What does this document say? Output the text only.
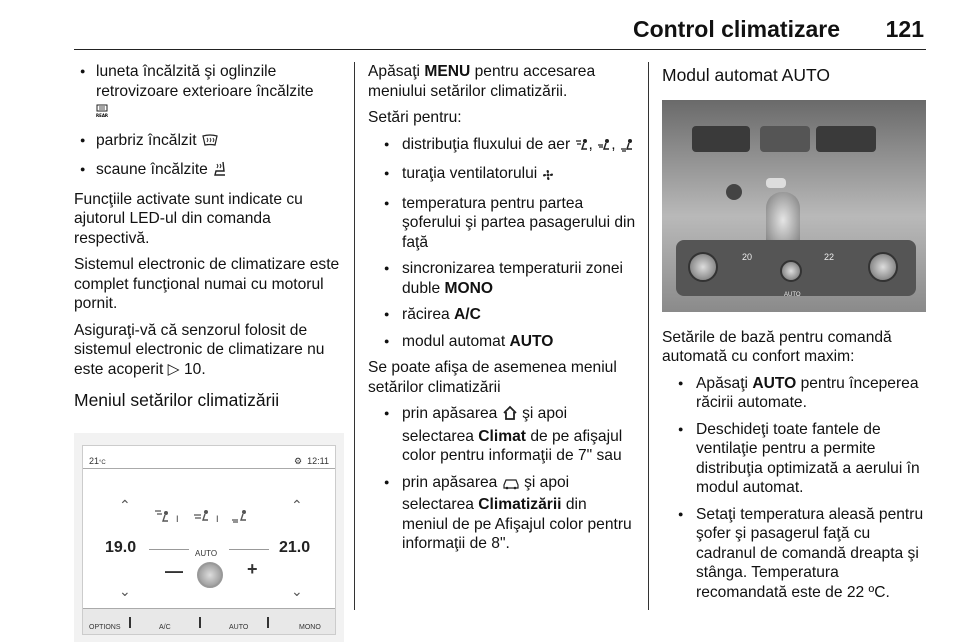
Control climatizare 121
● luneta încălzită şi oglinzile retrovizoare exterioare încălzite

REAR
● parbriz încălzit
● scaune încălzite

Funcţiile activate sunt indicate cu ajutorul LED-ul din comanda respectivă.

Sistemul electronic de climatizare este complet funcţional numai cu motorul pornit.

Asiguraţi-vă că senzorul folosit de sistemul electronic de climatizare nu este acoperit ▷ 10.

Meniul setărilor climatizării
21°C	⚙ 12:11
⌃
19.0
⌄
⌃
21.0
⌄
I	I
AUTO
—	+
OPTIONS	A/C	AUTO	MONO

Apăsaţi MENU pentru accesarea meniului setărilor climatizării.

Setări pentru:

● distribuţia fluxului de aer , ,
● turaţia ventilatorului
● temperatura pentru partea şoferului şi partea pasagerului din faţă
● sincronizarea temperaturii zonei duble MONO
● răcirea A/C
● modul automat AUTO

Se poate afişa de asemenea meniul setărilor climatizării

● prin apăsarea şi apoi selectarea Climat de pe afişajul color pentru informaţii de 7" sau
● prin apăsarea şi apoi selectarea Climatizării din meniul de pe Afişajul color pentru informaţii de 8".
Modul automat AUTO
20	22
AUTO

Setările de bază pentru comandă automată cu confort maxim:

● Apăsaţi AUTO pentru începerea răcirii automate.
● Deschideţi toate fantele de ventilaţie pentru a permite distribuţia optimizată a aerului în modul automat.
● Setaţi temperatura aleasă pentru şofer şi pasagerul faţă cu cadranul de comandă dreapta şi stânga. Temperatura recomandată este de 22 ºC.
